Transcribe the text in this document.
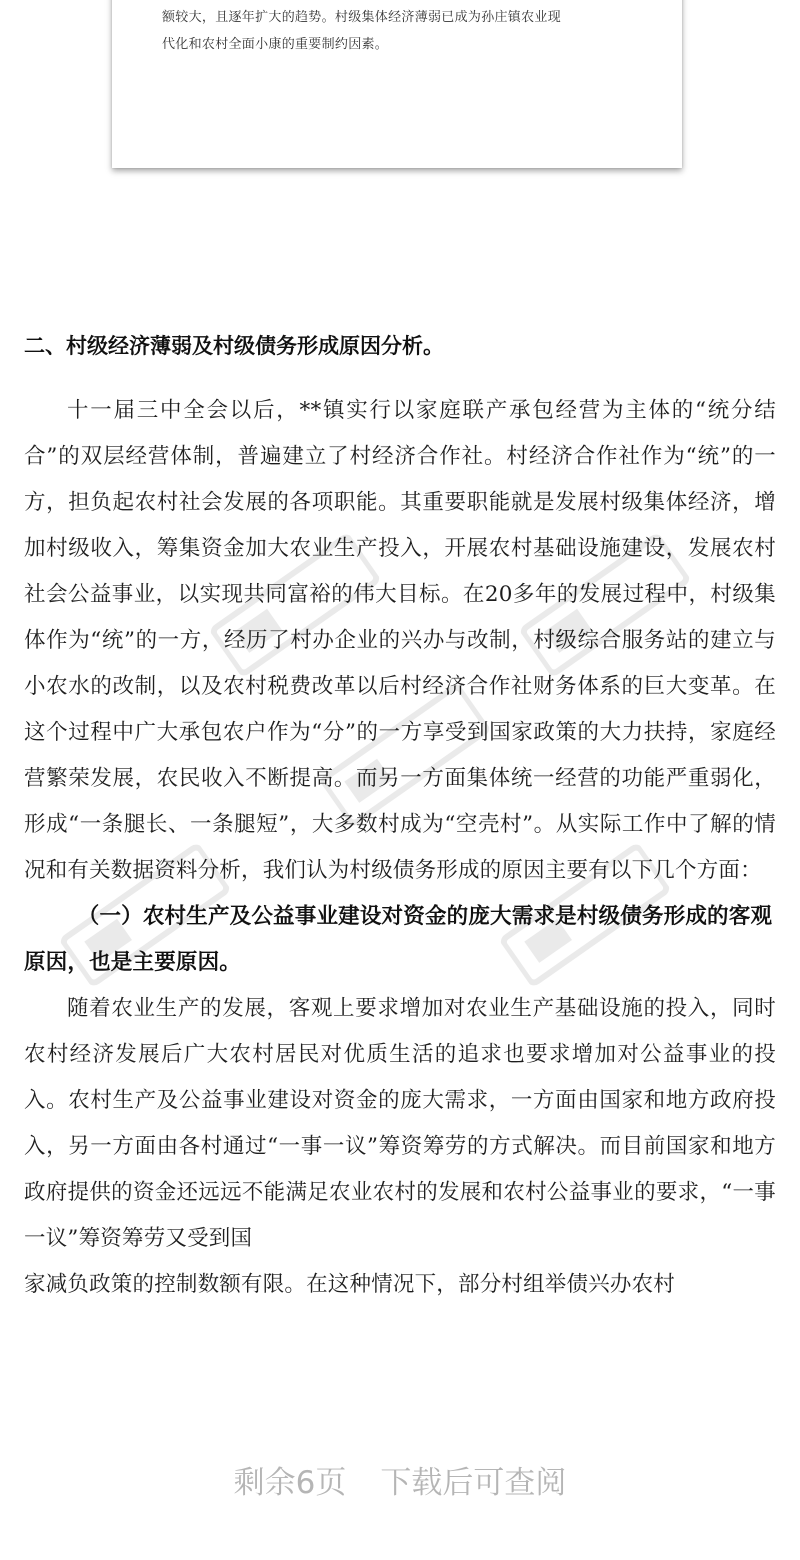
额较大，且逐年扩大的趋势。村级集体经济薄弱已成为孙庄镇农业现

代化和农村全面小康的重要制约因素。

二、村级经济薄弱及村级债务形成原因分析。

十一届三中全会以后，**镇实行以家庭联产承包经营为主体的“统分结合”的双层经营体制，普遍建立了村经济合作社。村经济合作社作为“统”的一方，担负起农村社会发展的各项职能。其重要职能就是发展村级集体经济，增加村级收入，筹集资金加大农业生产投入，开展农村基础设施建设，发展农村社会公益事业，以实现共同富裕的伟大目标。在20多年的发展过程中，村级集体作为“统”的一方，经历了村办企业的兴办与改制，村级综合服务站的建立与小农水的改制，以及农村税费改革以后村经济合作社财务体系的巨大变革。在这个过程中广大承包农户作为“分”的一方享受到国家政策的大力扶持，家庭经营繁荣发展，农民收入不断提高。而另一方面集体统一经营的功能严重弱化，形成“一条腿长、一条腿短”，大多数村成为“空壳村”。从实际工作中了解的情况和有关数据资料分析，我们认为村级债务形成的原因主要有以下几个方面：

（一）农村生产及公益事业建设对资金的庞大需求是村级债务形成的客观原因，也是主要原因。

随着农业生产的发展，客观上要求增加对农业生产基础设施的投入，同时农村经济发展后广大农村居民对优质生活的追求也要求增加对公益事业的投入。农村生产及公益事业建设对资金的庞大需求，一方面由国家和地方政府投入，另一方面由各村通过“一事一议”筹资筹劳的方式解决。而目前国家和地方政府提供的资金还远远不能满足农业农村的发展和农村公益事业的要求，“一事一议”筹资筹劳又受到国

家减负政策的控制数额有限。在这种情况下，部分村组举债兴办农村

剩余6页 下载后可查阅
